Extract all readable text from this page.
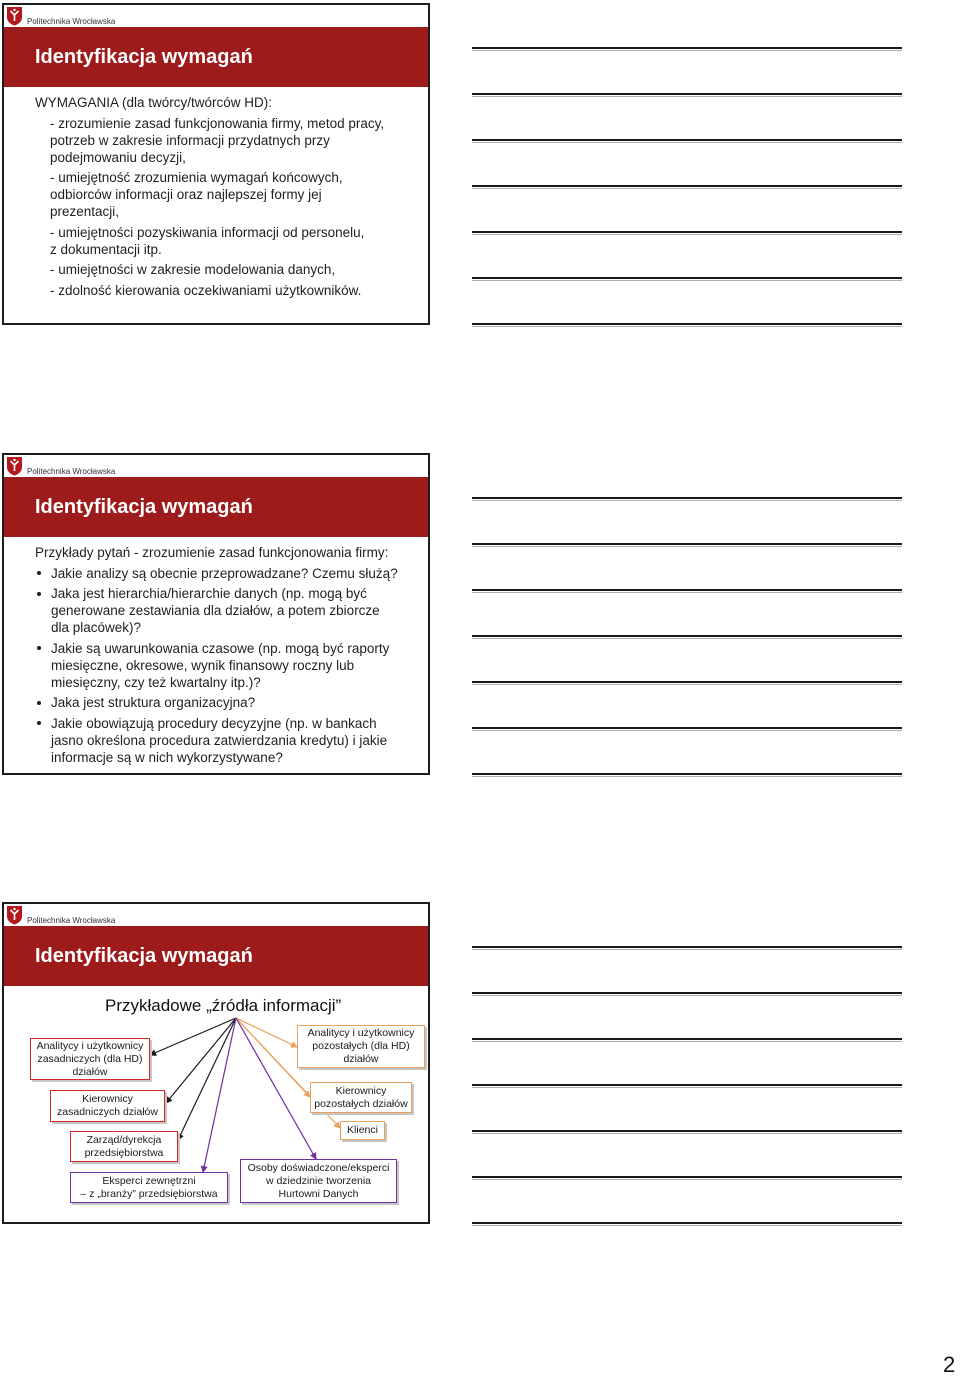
Politechnika Wrocławska
Identyfikacja wymagań
WYMAGANIA (dla twórcy/twórców HD):
- zrozumienie zasad funkcjonowania firmy, metod pracy,
potrzeb w zakresie informacji przydatnych przy
podejmowaniu decyzji,
- umiejętność zrozumienia wymagań końcowych,
odbiorców informacji oraz najlepszej formy jej
prezentacji,
- umiejętności pozyskiwania informacji od personelu,
z dokumentacji itp.
- umiejętności w zakresie modelowania danych,
- zdolność kierowania oczekiwaniami użytkowników.
Politechnika Wrocławska
Identyfikacja wymagań
Przykłady pytań - zrozumienie zasad funkcjonowania firmy:
Jakie analizy są obecnie przeprowadzane? Czemu służą?
Jaka jest hierarchia/hierarchie danych (np. mogą być
generowane zestawiania dla działów, a potem zbiorcze
dla placówek)?
Jakie są uwarunkowania czasowe (np. mogą być raporty
miesięczne, okresowe, wynik finansowy roczny lub
miesięczny, czy też kwartalny itp.)?
Jaka jest struktura organizacyjna?
Jakie obowiązują procedury decyzyjne (np. w bankach
jasno określona procedura zatwierdzania kredytu) i jakie
informacje są w nich wykorzystywane?
Politechnika Wrocławska
Identyfikacja wymagań
Przykładowe „źródła informacji”
Analitycy i użytkownicy
zasadniczych (dla HD)
działów
Kierownicy
zasadniczych działów
Zarząd/dyrekcja
przedsiębiorstwa
Eksperci zewnętrzni
– z „branży” przedsiębiorstwa
Analitycy i użytkownicy
pozostałych (dla HD)
działów
Kierownicy
pozostałych działów
Klienci
Osoby doświadczone/eksperci
w dziedzinie tworzenia
Hurtowni Danych
2
